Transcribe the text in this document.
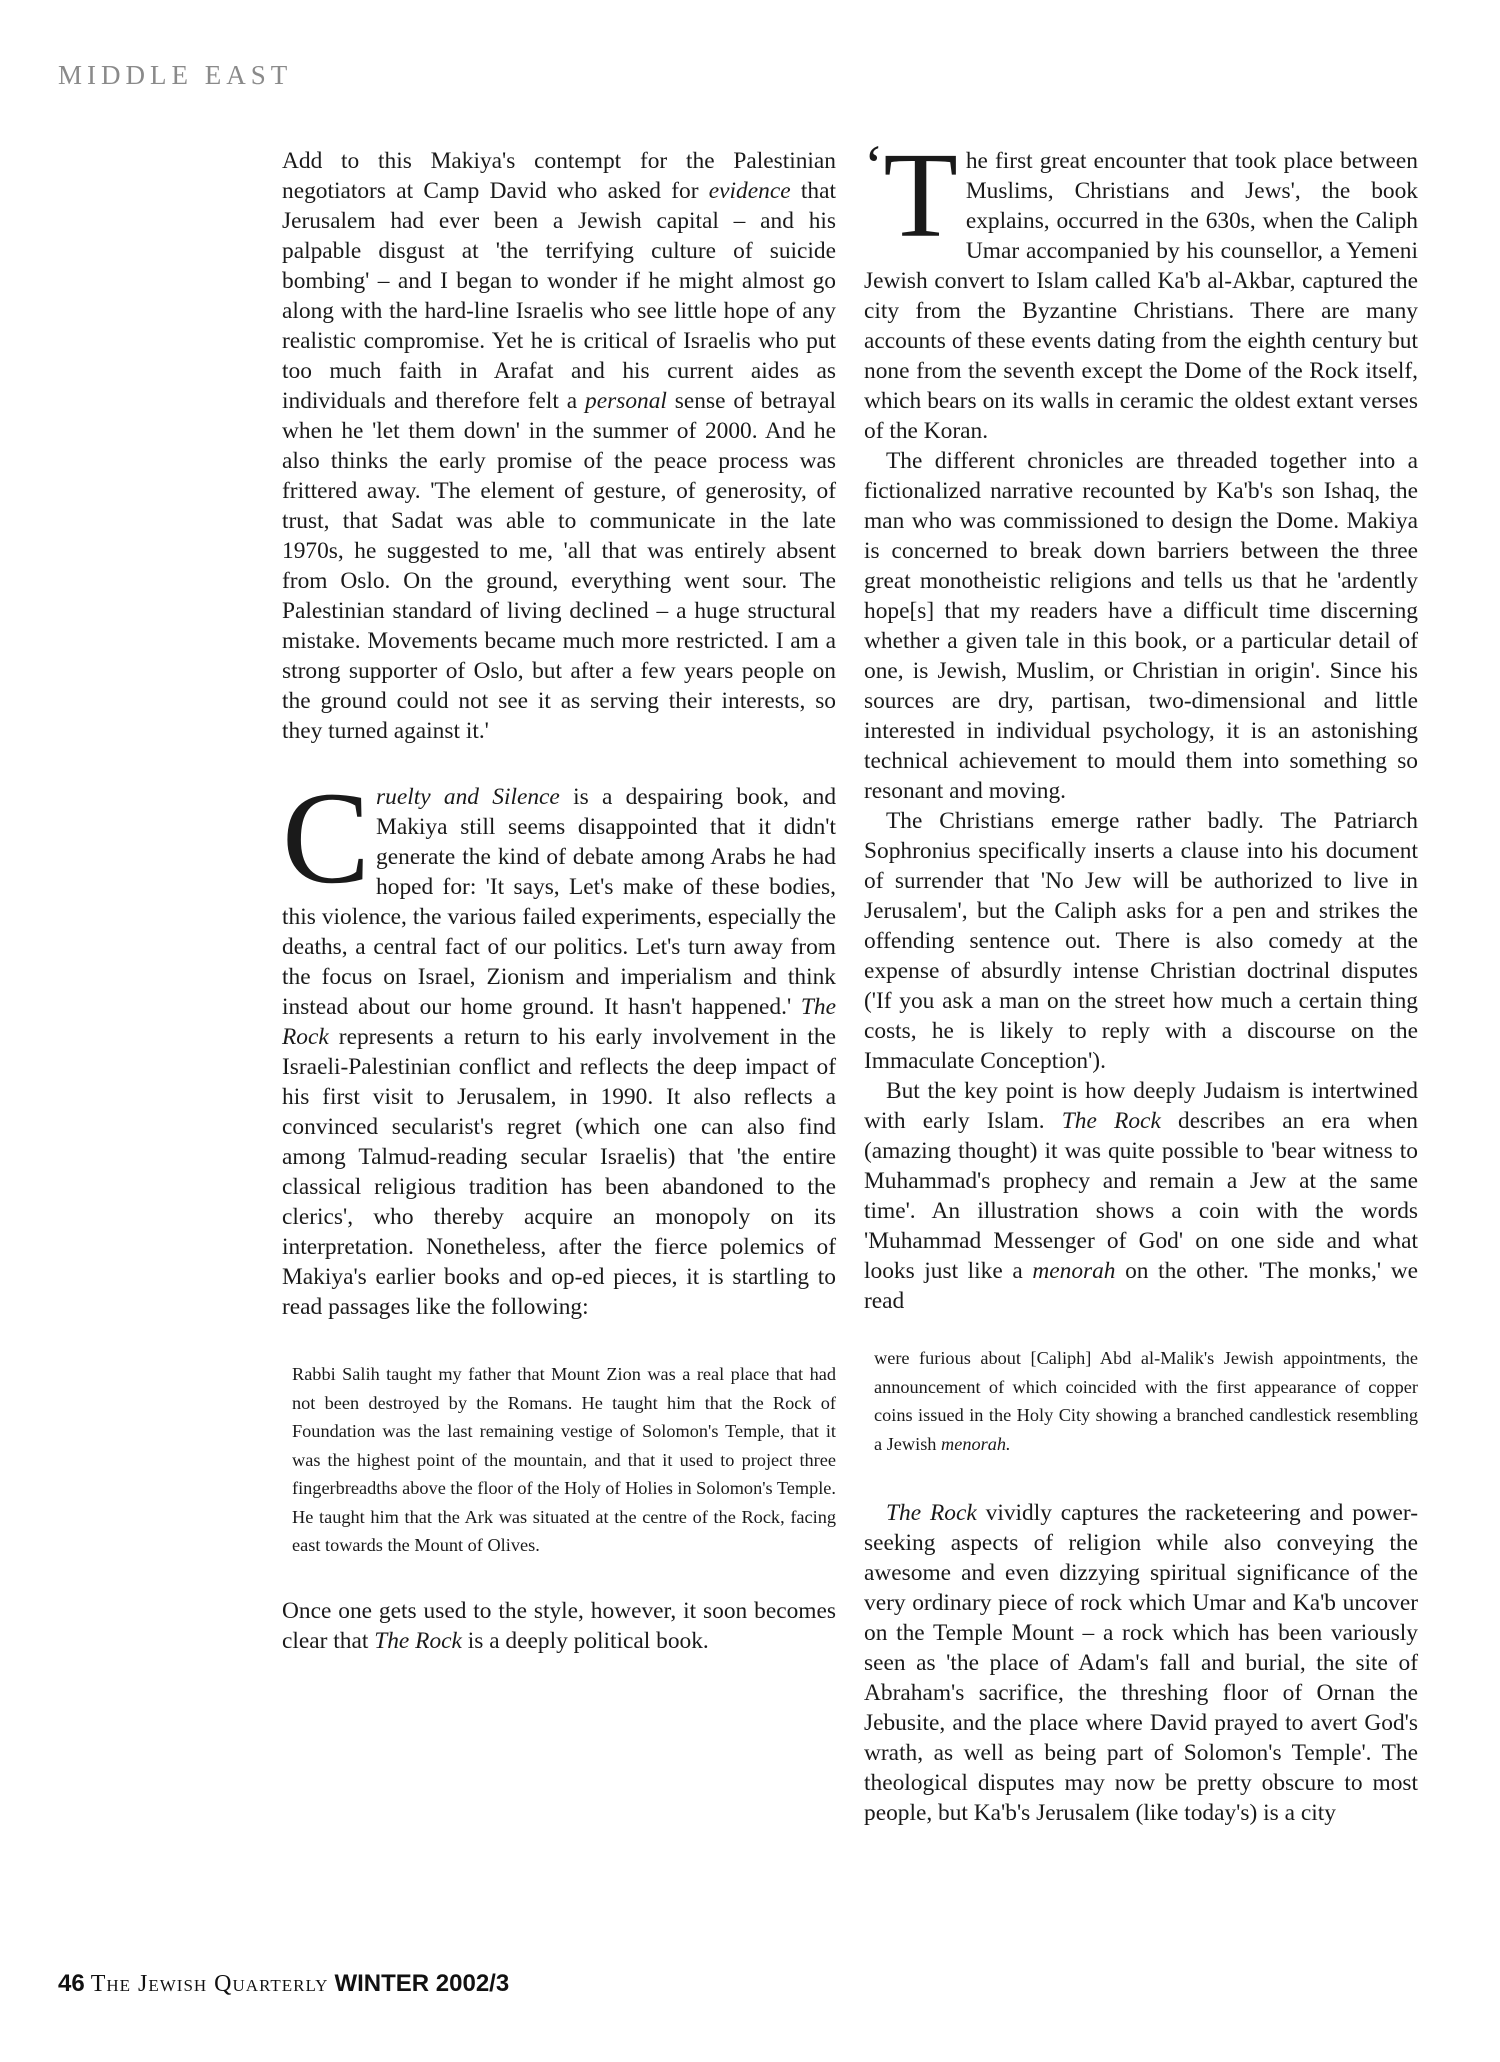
MIDDLE EAST

Add to this Makiya's contempt for the Palestinian negotiators at Camp David who asked for evidence that Jerusalem had ever been a Jewish capital – and his palpable disgust at 'the terrifying culture of suicide bombing' – and I began to wonder if he might almost go along with the hard-line Israelis who see little hope of any realistic compromise. Yet he is critical of Israelis who put too much faith in Arafat and his current aides as individuals and therefore felt a personal sense of betrayal when he 'let them down' in the summer of 2000. And he also thinks the early promise of the peace process was frittered away. 'The element of gesture, of generosity, of trust, that Sadat was able to communicate in the late 1970s, he suggested to me, 'all that was entirely absent from Oslo. On the ground, everything went sour. The Palestinian standard of living declined – a huge structural mistake. Movements became much more restricted. I am a strong supporter of Oslo, but after a few years people on the ground could not see it as serving their interests, so they turned against it.'

Cruelty and Silence is a despairing book, and Makiya still seems disappointed that it didn't generate the kind of debate among Arabs he had hoped for: 'It says, Let's make of these bodies, this violence, the various failed experiments, especially the deaths, a central fact of our politics. Let's turn away from the focus on Israel, Zionism and imperialism and think instead about our home ground. It hasn't happened.' The Rock represents a return to his early involvement in the Israeli-Palestinian conflict and reflects the deep impact of his first visit to Jerusalem, in 1990. It also reflects a convinced secularist's regret (which one can also find among Talmud-reading secular Israelis) that 'the entire classical religious tradition has been abandoned to the clerics', who thereby acquire an monopoly on its interpretation. Nonetheless, after the fierce polemics of Makiya's earlier books and op-ed pieces, it is startling to read passages like the following:

Rabbi Salih taught my father that Mount Zion was a real place that had not been destroyed by the Romans. He taught him that the Rock of Foundation was the last remaining vestige of Solomon's Temple, that it was the highest point of the mountain, and that it used to project three fingerbreadths above the floor of the Holy of Holies in Solomon's Temple. He taught him that the Ark was situated at the centre of the Rock, facing east towards the Mount of Olives.

Once one gets used to the style, however, it soon becomes clear that The Rock is a deeply political book.

‘T he first great encounter that took place between Muslims, Christians and Jews', the book explains, occurred in the 630s, when the Caliph Umar accompanied by his counsellor, a Yemeni Jewish convert to Islam called Ka'b al-Akbar, captured the city from the Byzantine Christians. There are many accounts of these events dating from the eighth century but none from the seventh except the Dome of the Rock itself, which bears on its walls in ceramic the oldest extant verses of the Koran.

The different chronicles are threaded together into a fictionalized narrative recounted by Ka'b's son Ishaq, the man who was commissioned to design the Dome. Makiya is concerned to break down barriers between the three great monotheistic religions and tells us that he 'ardently hope[s] that my readers have a difficult time discerning whether a given tale in this book, or a particular detail of one, is Jewish, Muslim, or Christian in origin'. Since his sources are dry, partisan, two-dimensional and little interested in individual psychology, it is an astonishing technical achievement to mould them into something so resonant and moving.

The Christians emerge rather badly. The Patriarch Sophronius specifically inserts a clause into his document of surrender that 'No Jew will be authorized to live in Jerusalem', but the Caliph asks for a pen and strikes the offending sentence out. There is also comedy at the expense of absurdly intense Christian doctrinal disputes ('If you ask a man on the street how much a certain thing costs, he is likely to reply with a discourse on the Immaculate Conception').

But the key point is how deeply Judaism is intertwined with early Islam. The Rock describes an era when (amazing thought) it was quite possible to 'bear witness to Muhammad's prophecy and remain a Jew at the same time'. An illustration shows a coin with the words 'Muhammad Messenger of God' on one side and what looks just like a menorah on the other. 'The monks,' we read

were furious about [Caliph] Abd al-Malik's Jewish appointments, the announcement of which coincided with the first appearance of copper coins issued in the Holy City showing a branched candlestick resembling a Jewish menorah.

The Rock vividly captures the racketeering and power-seeking aspects of religion while also conveying the awesome and even dizzying spiritual significance of the very ordinary piece of rock which Umar and Ka'b uncover on the Temple Mount – a rock which has been variously seen as 'the place of Adam's fall and burial, the site of Abraham's sacrifice, the threshing floor of Ornan the Jebusite, and the place where David prayed to avert God's wrath, as well as being part of Solomon's Temple'. The theological disputes may now be pretty obscure to most people, but Ka'b's Jerusalem (like today's) is a city

46 The Jewish Quarterly WINTER 2002/3
